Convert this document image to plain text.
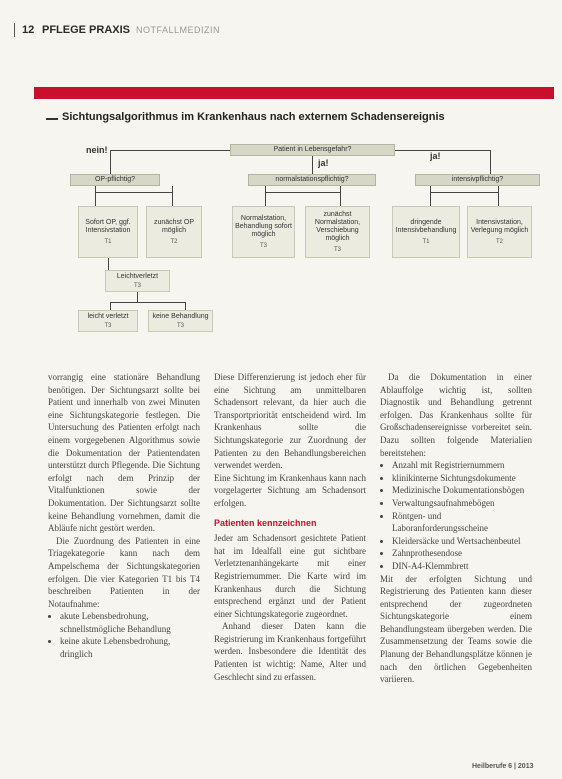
12 PFLEGE PRAXIS NOTFALLMEDIZIN
Sichtungsalgorithmus im Krankenhaus nach externem Schadensereignis
Patient in Lebensgefahr?
nein!
ja!
ja!
OP-pflichtig?	normalstationspflichtig?	intensivpflichtig?
Sofort OP, ggf. Intensivstation
T1
zunächst OP möglich
T2
Normalstation, Behandlung sofort möglich
T3
zunächst Normalstation, Verschiebung möglich
T3
dringende Intensivbehandlung
T1
Intensivstation, Verlegung möglich
T2
Leichtverletzt
T3
leicht verletzt
T3
keine Behandlung
T3

vorrangig eine stationäre Behandlung benötigen. Der Sichtungsarzt sollte bei Patient und innerhalb von zwei Minuten eine Sichtungskategorie festlegen. Die Untersuchung des Patienten erfolgt nach einem vorgegebenen Algorithmus sowie die Dokumentation der Patientendaten unterstützt durch Pflegende. Die Sichtung erfolgt nach dem Prinzip der Vitalfunktionen sowie der Dokumentation. Der Sichtungsarzt sollte keine Behandlung vornehmen, damit die Abläufe nicht gestört werden.

Die Zuordnung des Patienten in eine Triagekategorie kann nach dem Ampelschema der Sichtungskategorien erfolgen. Die vier Kategorien T1 bis T4 beschreiben Patienten in der Notaufnahme:

• akute Lebensbedrohung, schnellstmögliche Behandlung
• keine akute Lebensbedrohung, dringlich

Diese Differenzierung ist jedoch eher für eine Sichtung am unmittelbaren Schadensort relevant, da hier auch die Transportpriorität entscheidend wird. Im Krankenhaus sollte die Sichtungskategorie zur Zuordnung der Patienten zu den Behandlungsbereichen verwendet werden.

Eine Sichtung im Krankenhaus kann nach vorgelagerter Sichtung am Schadensort erfolgen.

Patienten kennzeichnen

Jeder am Schadensort gesichtete Patient hat im Idealfall eine gut sichtbare Verletztenanhängekarte mit einer Registriernummer. Die Karte wird im Krankenhaus durch die Sichtung entsprechend ergänzt und der Patient einer Sichtungskategorie zugeordnet.

Anhand dieser Daten kann die Registrierung im Krankenhaus fortgeführt werden. Insbesondere die Identität des Patienten ist wichtig: Name, Alter und Geschlecht sind zu erfassen.

Da die Dokumentation in einer Ablauffolge wichtig ist, sollten Diagnostik und Behandlung getrennt erfolgen. Das Krankenhaus sollte für Großschadensereignisse vorbereitet sein. Dazu sollten folgende Materialien bereitstehen:

• Anzahl mit Registriernummern
• klinikinterne Sichtungsdokumente
• Medizinische Dokumentationsbögen
• Verwaltungsaufnahmebögen
• Röntgen- und Laboranforderungsscheine
• Kleidersäcke und Wertsachenbeutel
• Zahnprothesendose
• DIN-A4-Klemmbrett

Mit der erfolgten Sichtung und Registrierung des Patienten kann dieser entsprechend der zugeordneten Sichtungskategorie einem Behandlungsteam übergeben werden. Die Zusammensetzung der Teams sowie die Planung der Behandlungsplätze können je nach den örtlichen Gegebenheiten variieren.

Heilberufe 6 | 2013
